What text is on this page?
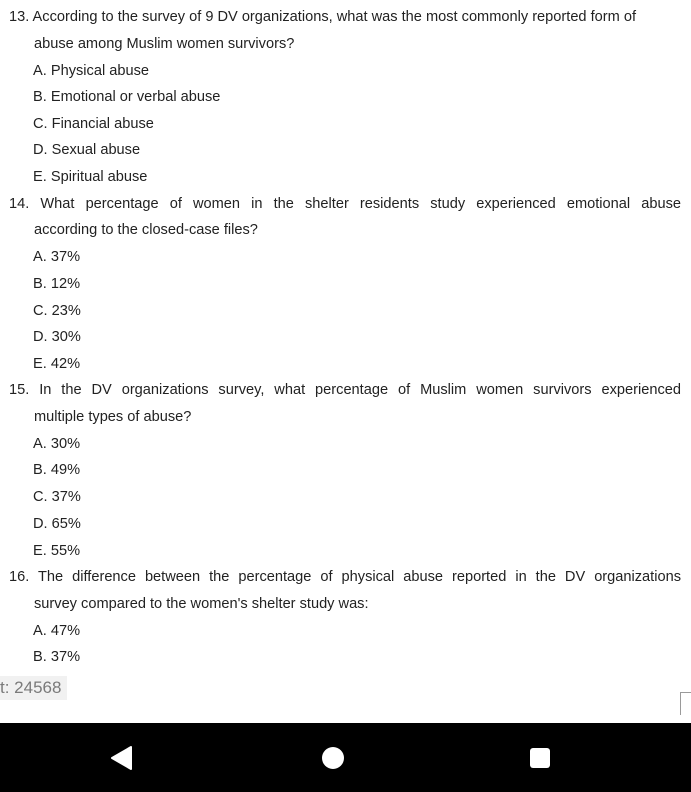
13. According to the survey of 9 DV organizations, what was the most commonly reported form of
abuse among Muslim women survivors?
A. Physical abuse
B. Emotional or verbal abuse
C. Financial abuse
D. Sexual abuse
E. Spiritual abuse
14. What percentage of women in the shelter residents study experienced emotional abuse
according to the closed-case files?
A. 37%
B. 12%
C. 23%
D. 30%
E. 42%
15. In the DV organizations survey, what percentage of Muslim women survivors experienced
multiple types of abuse?
A. 30%
B. 49%
C. 37%
D. 65%
E. 55%
16. The difference between the percentage of physical abuse reported in the DV organizations
survey compared to the women's shelter study was:
A. 47%
B. 37%
t: 24568
